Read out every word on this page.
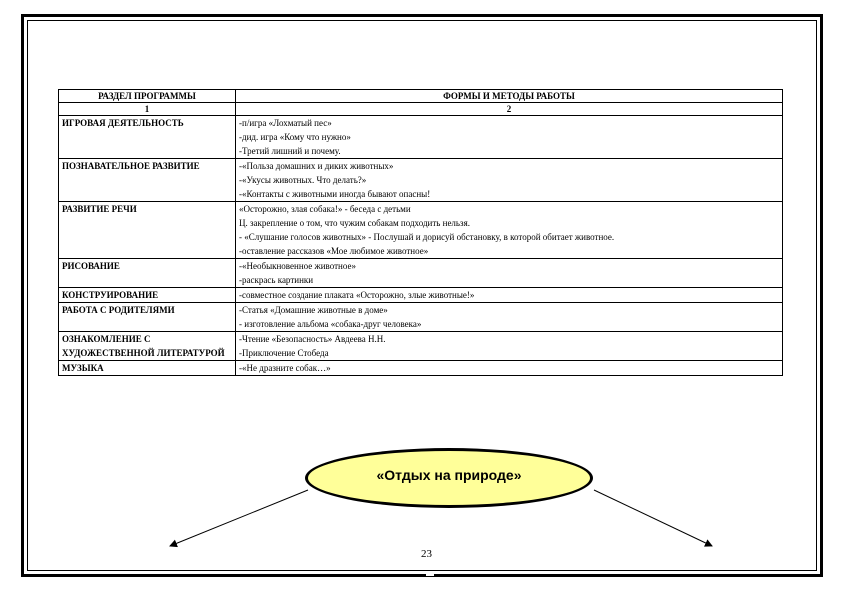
РАЗДЕЛ ПРОГРАММЫ	ФОРМЫ И МЕТОДЫ РАБОТЫ
1	2
ИГРОВАЯ ДЕЯТЕЛЬНОСТЬ	-п/игра «Лохматый пес»
-дид. игра «Кому что нужно»
-Третий лишний и почему.

ПОЗНАВАТЕЛЬНОЕ РАЗВИТИЕ	-«Польза домашних и диких животных»
-«Укусы животных. Что делать?»
-«Контакты с животными иногда бывают опасны!

РАЗВИТИЕ РЕЧИ	«Осторожно, злая собака!» - беседа с детьми
Ц. закрепление о том, что чужим собакам подходить нельзя.
- «Слушание голосов животных» - Послушай и дорисуй обстановку, в которой обитает животное.
-оставление рассказов «Мое любимое животное»

РИСОВАНИЕ	-«Необыкновенное животное»
-раскрась картинки

КОНСТРУИРОВАНИЕ	-совместное создание плаката «Осторожно, злые животные!»

РАБОТА С РОДИТЕЛЯМИ	-Статья «Домашние животные в доме»
- изготовление альбома «собака-друг человека»

ОЗНАКОМЛЕНИЕ С ХУДОЖЕСТВЕННОЙ ЛИТЕРАТУРОЙ	-Чтение «Безопасность» Авдеева Н.Н.
-Приключение Стобеда

МУЗЫКА	-«Не дразните собак…»
«Отдых на природе»
23
